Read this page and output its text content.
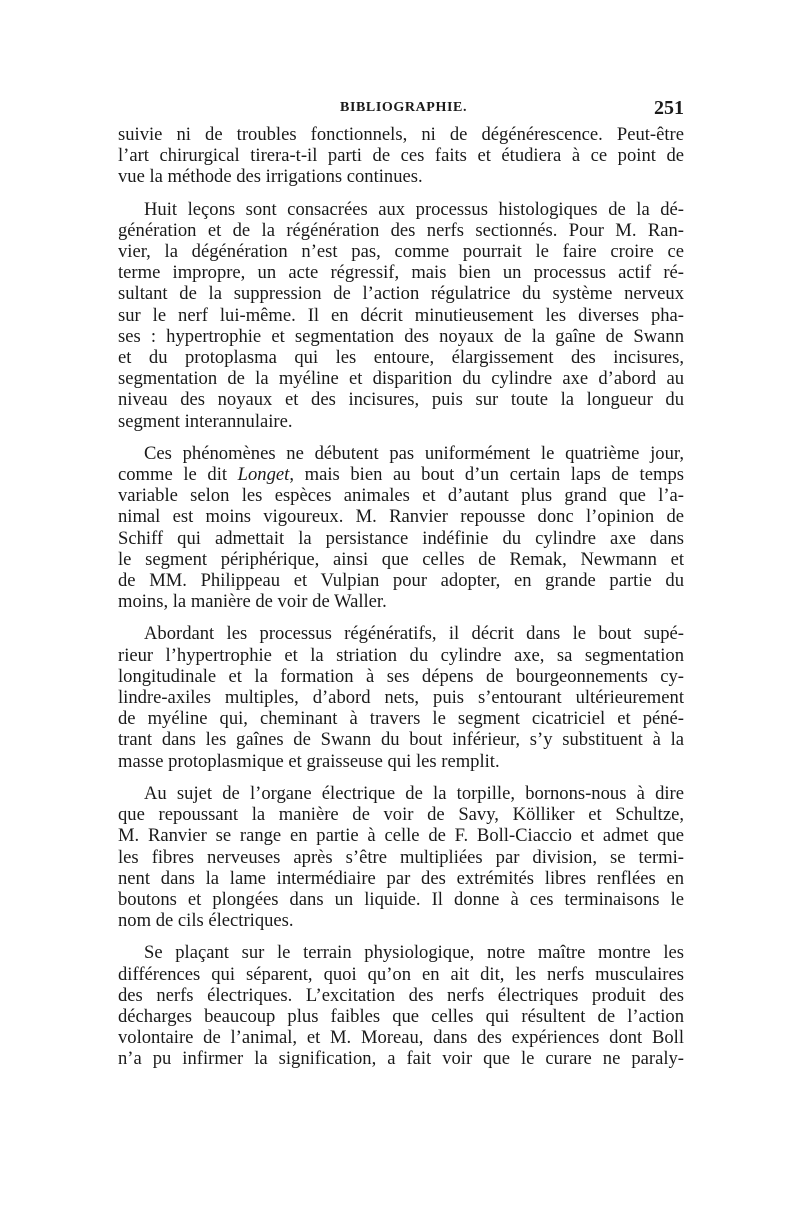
BIBLIOGRAPHIE.	251
suivie ni de troubles fonctionnels, ni de dégénérescence. Peut-être
l’art chirurgical tirera-t-il parti de ces faits et étudiera à ce point de
vue la méthode des irrigations continues.
Huit leçons sont consacrées aux processus histologiques de la dé-
génération et de la régénération des nerfs sectionnés. Pour M. Ran-
vier, la dégénération n’est pas, comme pourrait le faire croire ce
terme impropre, un acte régressif, mais bien un processus actif ré-
sultant de la suppression de l’action régulatrice du système nerveux
sur le nerf lui-même. Il en décrit minutieusement les diverses pha-
ses : hypertrophie et segmentation des noyaux de la gaîne de Swann
et du protoplasma qui les entoure, élargissement des incisures,
segmentation de la myéline et disparition du cylindre axe d’abord au
niveau des noyaux et des incisures, puis sur toute la longueur du
segment interannulaire.
Ces phénomènes ne débutent pas uniformément le quatrième jour,
comme le dit Longet, mais bien au bout d’un certain laps de temps
variable selon les espèces animales et d’autant plus grand que l’a-
nimal est moins vigoureux. M. Ranvier repousse donc l’opinion de
Schiff qui admettait la persistance indéfinie du cylindre axe dans
le segment périphérique, ainsi que celles de Remak, Newmann et
de MM. Philippeau et Vulpian pour adopter, en grande partie du
moins, la manière de voir de Waller.
Abordant les processus régénératifs, il décrit dans le bout supé-
rieur l’hypertrophie et la striation du cylindre axe, sa segmentation
longitudinale et la formation à ses dépens de bourgeonnements cy-
lindre-axiles multiples, d’abord nets, puis s’entourant ultérieurement
de myéline qui, cheminant à travers le segment cicatriciel et péné-
trant dans les gaînes de Swann du bout inférieur, s’y substituent à la
masse protoplasmique et graisseuse qui les remplit.
Au sujet de l’organe électrique de la torpille, bornons-nous à dire
que repoussant la manière de voir de Savy, Kölliker et Schultze,
M. Ranvier se range en partie à celle de F. Boll-Ciaccio et admet que
les fibres nerveuses après s’être multipliées par division, se termi-
nent dans la lame intermédiaire par des extrémités libres renflées en
boutons et plongées dans un liquide. Il donne à ces terminaisons le
nom de cils électriques.
Se plaçant sur le terrain physiologique, notre maître montre les
différences qui séparent, quoi qu’on en ait dit, les nerfs musculaires
des nerfs électriques. L’excitation des nerfs électriques produit des
décharges beaucoup plus faibles que celles qui résultent de l’action
volontaire de l’animal, et M. Moreau, dans des expériences dont Boll
n’a pu infirmer la signification, a fait voir que le curare ne paraly-
